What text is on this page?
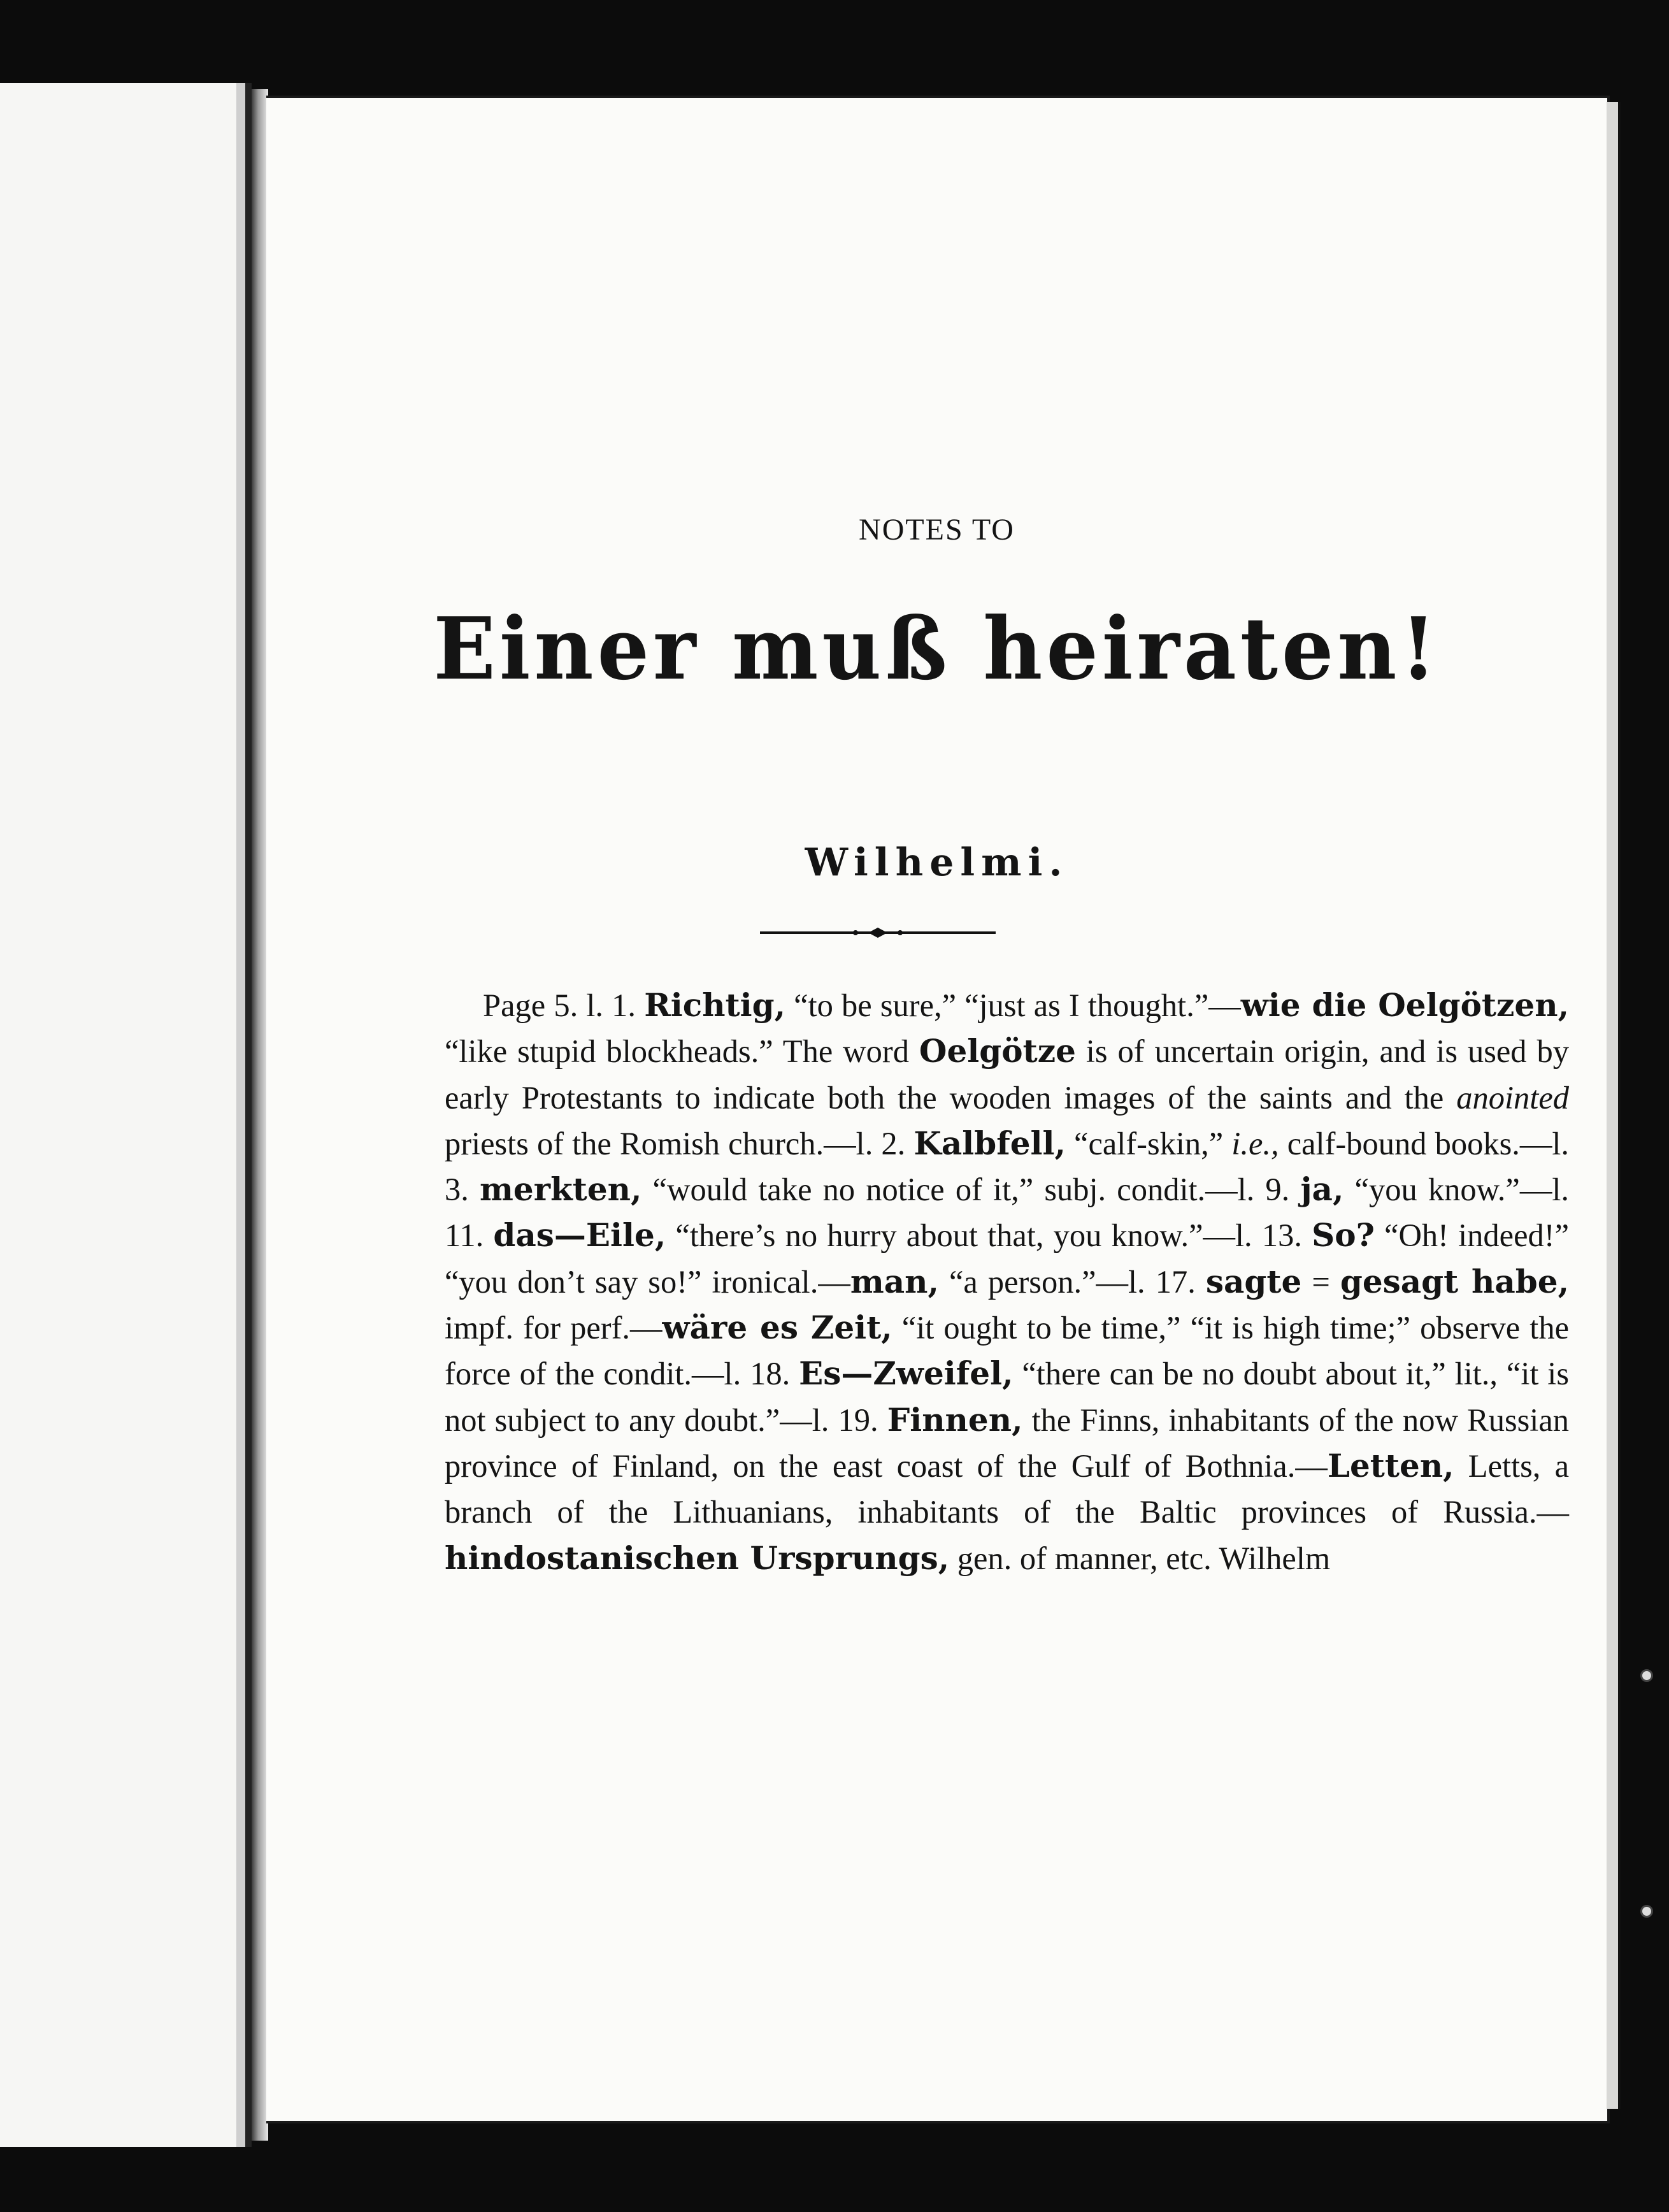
NOTES TO
Einer muß heiraten!
Wilhelmi.

Page 5. l. 1. Richtig, “to be sure,” “just as I thought.”—wie die Oelgötzen, “like stupid blockheads.” The word Oelgötze is of uncertain origin, and is used by early Protestants to indicate both the wooden images of the saints and the anointed priests of the Romish church.—l. 2. Kalbfell, “calf-skin,” i.e., calf-bound books.—l. 3. merkten, “would take no notice of it,” subj. condit.—l. 9. ja, “you know.”—l. 11. das—Eile, “there’s no hurry about that, you know.”—l. 13. So? “Oh! indeed!” “you don’t say so!” ironical.—man, “a person.”—l. 17. sagte = gesagt habe, impf. for perf.—wäre es Zeit, “it ought to be time,” “it is high time;” observe the force of the condit.—l. 18. Es—Zweifel, “there can be no doubt about it,” lit., “it is not subject to any doubt.”—l. 19. Finnen, the Finns, inhabitants of the now Russian province of Finland, on the east coast of the Gulf of Bothnia.—Letten, Letts, a branch of the Lithuanians, inhabitants of the Baltic provinces of Russia.—hindostanischen Ursprungs, gen. of manner, etc. Wilhelm
